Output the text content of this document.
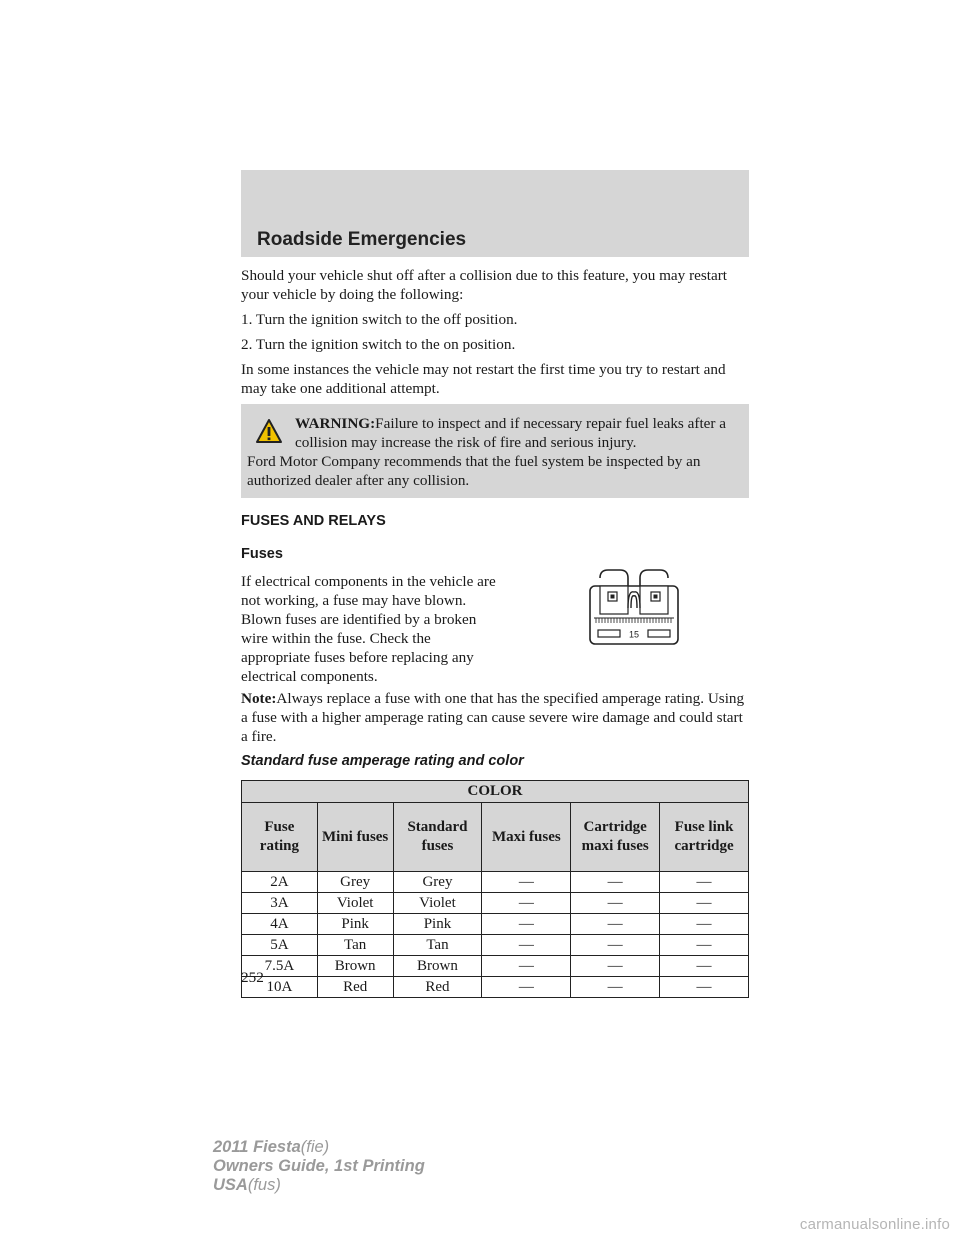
Roadside Emergencies

Should your vehicle shut off after a collision due to this feature, you may restart your vehicle by doing the following:

1. Turn the ignition switch to the off position.

2. Turn the ignition switch to the on position.

In some instances the vehicle may not restart the first time you try to restart and may take one additional attempt.

WARNING:Failure to inspect and if necessary repair fuel leaks after a collision may increase the risk of fire and serious injury.
Ford Motor Company recommends that the fuel system be inspected by an authorized dealer after any collision.
FUSES AND RELAYS
Fuses
If electrical components in the vehicle are not working, a fuse may have blown. Blown fuses are identified by a broken wire within the fuse. Check the appropriate fuses before replacing any electrical components.
15

Note:Always replace a fuse with one that has the specified amperage rating. Using a fuse with a higher amperage rating can cause severe wire damage and could start a fire.

Standard fuse amperage rating and color
COLOR					
Fuse rating	Mini fuses	Standard fuses	Maxi fuses	Cartridge maxi fuses	Fuse link cartridge
2A	Grey	Grey	—	—	—
3A	Violet	Violet	—	—	—
4A	Pink	Pink	—	—	—
5A	Tan	Tan	—	—	—
7.5A	Brown	Brown	—	—	—
10A	Red	Red	—	—	—
252
2011 Fiesta(fie)
Owners Guide, 1st Printing
USA(fus)
carmanualsonline.info
